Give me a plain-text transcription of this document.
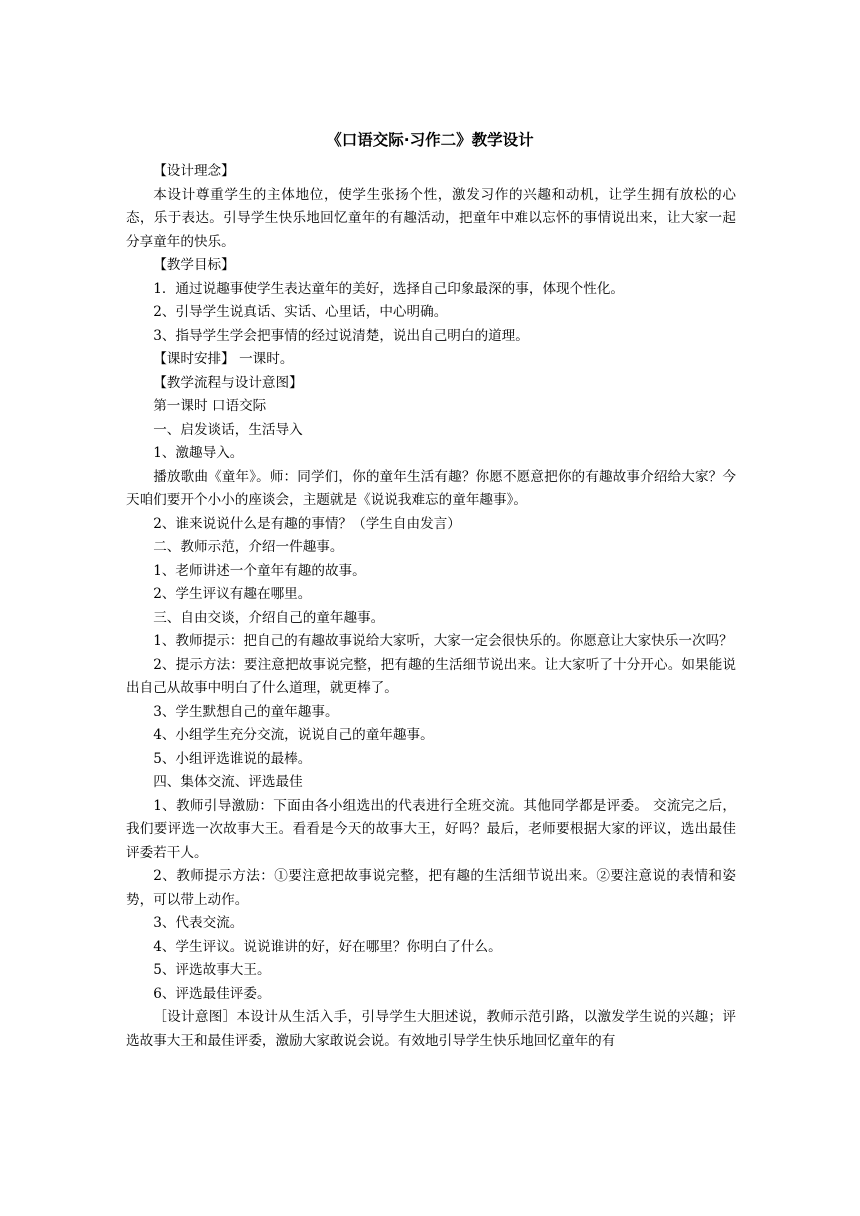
《口语交际·习作二》教学设计

【设计理念】

本设计尊重学生的主体地位，使学生张扬个性，激发习作的兴趣和动机，让学生拥有放松的心态，乐于表达。引导学生快乐地回忆童年的有趣活动，把童年中难以忘怀的事情说出来，让大家一起分享童年的快乐。

【教学目标】

1．通过说趣事使学生表达童年的美好，选择自己印象最深的事，体现个性化。

2、引导学生说真话、实话、心里话，中心明确。

3、指导学生学会把事情的经过说清楚，说出自己明白的道理。

【课时安排】 一课时。

【教学流程与设计意图】

第一课时 口语交际

一、启发谈话，生活导入

1、激趣导入。

播放歌曲《童年》。师：同学们，你的童年生活有趣？你愿不愿意把你的有趣故事介绍给大家？今天咱们要开个小小的座谈会，主题就是《说说我难忘的童年趣事》。

2、谁来说说什么是有趣的事情？（学生自由发言）

二、教师示范，介绍一件趣事。

1、老师讲述一个童年有趣的故事。

2、学生评议有趣在哪里。

三、自由交谈，介绍自己的童年趣事。

1、教师提示：把自己的有趣故事说给大家听，大家一定会很快乐的。你愿意让大家快乐一次吗？

2、提示方法：要注意把故事说完整，把有趣的生活细节说出来。让大家听了十分开心。如果能说出自己从故事中明白了什么道理，就更棒了。

3、学生默想自己的童年趣事。

4、小组学生充分交流，说说自己的童年趣事。

5、小组评选谁说的最棒。

四、集体交流、评选最佳

1、教师引导激励：下面由各小组选出的代表进行全班交流。其他同学都是评委。 交流完之后，我们要评选一次故事大王。看看是今天的故事大王，好吗？最后，老师要根据大家的评议，选出最佳评委若干人。

2、教师提示方法：①要注意把故事说完整，把有趣的生活细节说出来。②要注意说的表情和姿势，可以带上动作。

3、代表交流。

4、学生评议。说说谁讲的好，好在哪里？你明白了什么。

5、评选故事大王。

6、评选最佳评委。

［设计意图］本设计从生活入手，引导学生大胆述说，教师示范引路，以激发学生说的兴趣；评选故事大王和最佳评委，激励大家敢说会说。有效地引导学生快乐地回忆童年的有
